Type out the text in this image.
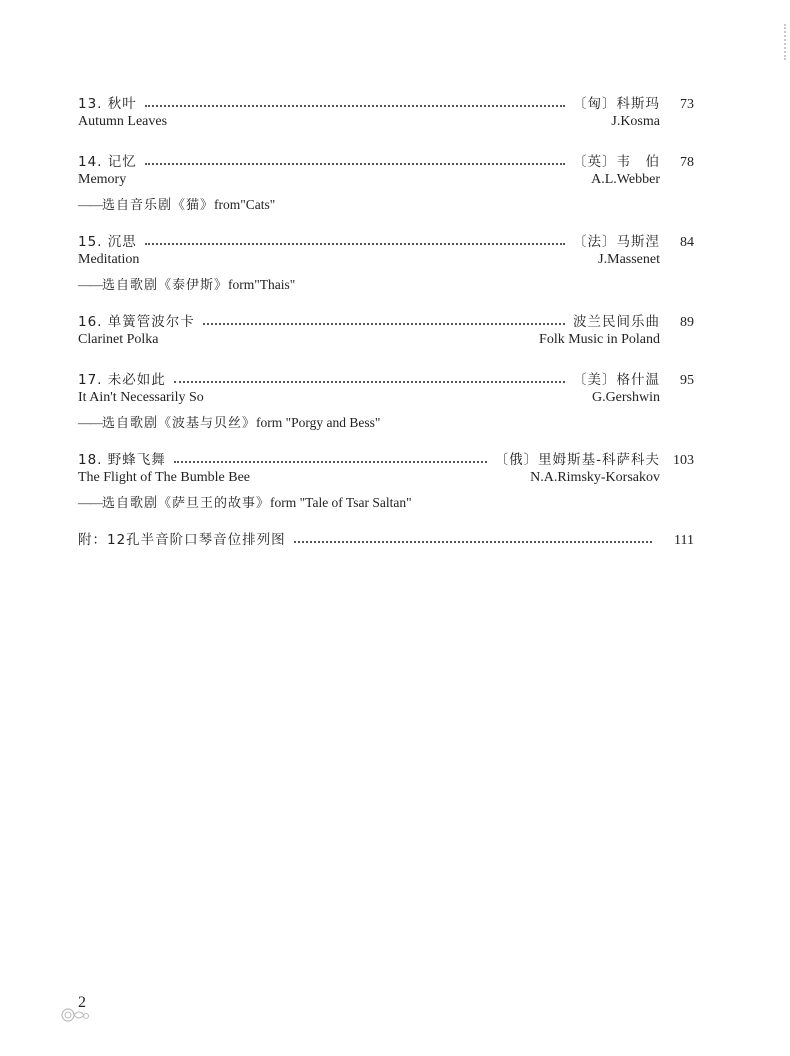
13. 秋叶	〔匈〕科斯玛	73
Autumn Leaves	J.Kosma
14. 记忆	〔英〕韦　伯	78
Memory	A.L.Webber
—— 选自音乐剧《猫》 from"Cats"
15. 沉思	〔法〕马斯涅	84
Meditation	J.Massenet
—— 选自歌剧《泰伊斯》 form"Thais"
16. 单簧管波尔卡	波兰民间乐曲	89
Clarinet Polka	Folk Music in Poland
17. 未必如此	〔美〕格什温	95
It Ain't Necessarily So	G.Gershwin
—— 选自歌剧《波基与贝丝》 form "Porgy and Bess"
18. 野蜂飞舞	〔俄〕里姆斯基-科萨科夫 103
The Flight of The Bumble Bee	N.A.Rimsky-Korsakov
—— 选自歌剧《萨旦王的故事》 form "Tale of Tsar Saltan"
附：12孔半音阶口琴音位排列图	111
2
